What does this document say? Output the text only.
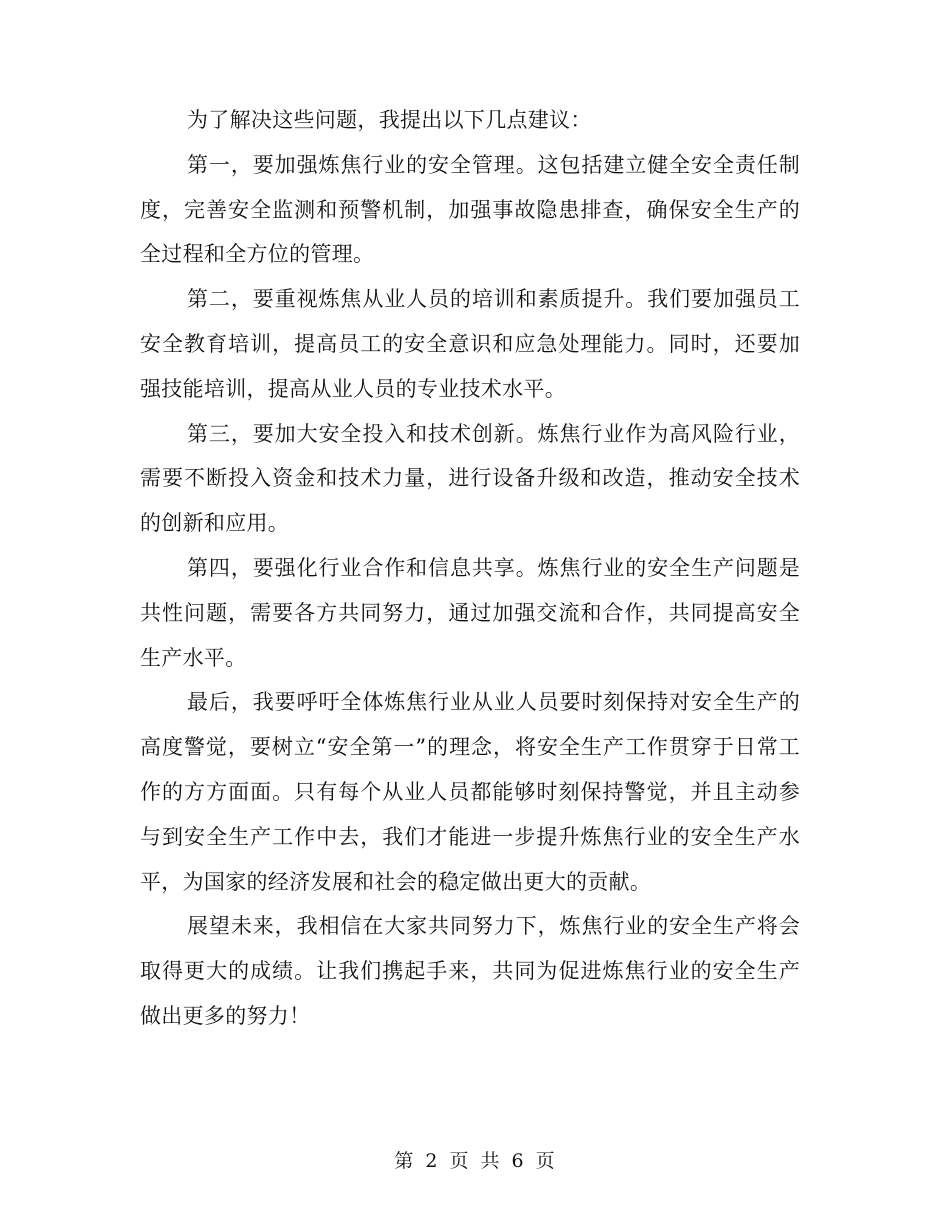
为了解决这些问题，我提出以下几点建议：

第一，要加强炼焦行业的安全管理。这包括建立健全安全责任制度，完善安全监测和预警机制，加强事故隐患排查，确保安全生产的全过程和全方位的管理。

第二，要重视炼焦从业人员的培训和素质提升。我们要加强员工安全教育培训，提高员工的安全意识和应急处理能力。同时，还要加强技能培训，提高从业人员的专业技术水平。

第三，要加大安全投入和技术创新。炼焦行业作为高风险行业，需要不断投入资金和技术力量，进行设备升级和改造，推动安全技术的创新和应用。

第四，要强化行业合作和信息共享。炼焦行业的安全生产问题是共性问题，需要各方共同努力，通过加强交流和合作，共同提高安全生产水平。

最后，我要呼吁全体炼焦行业从业人员要时刻保持对安全生产的高度警觉，要树立“安全第一”的理念，将安全生产工作贯穿于日常工作的方方面面。只有每个从业人员都能够时刻保持警觉，并且主动参与到安全生产工作中去，我们才能进一步提升炼焦行业的安全生产水平，为国家的经济发展和社会的稳定做出更大的贡献。

展望未来，我相信在大家共同努力下，炼焦行业的安全生产将会取得更大的成绩。让我们携起手来，共同为促进炼焦行业的安全生产做出更多的努力！

第 2 页 共 6 页
